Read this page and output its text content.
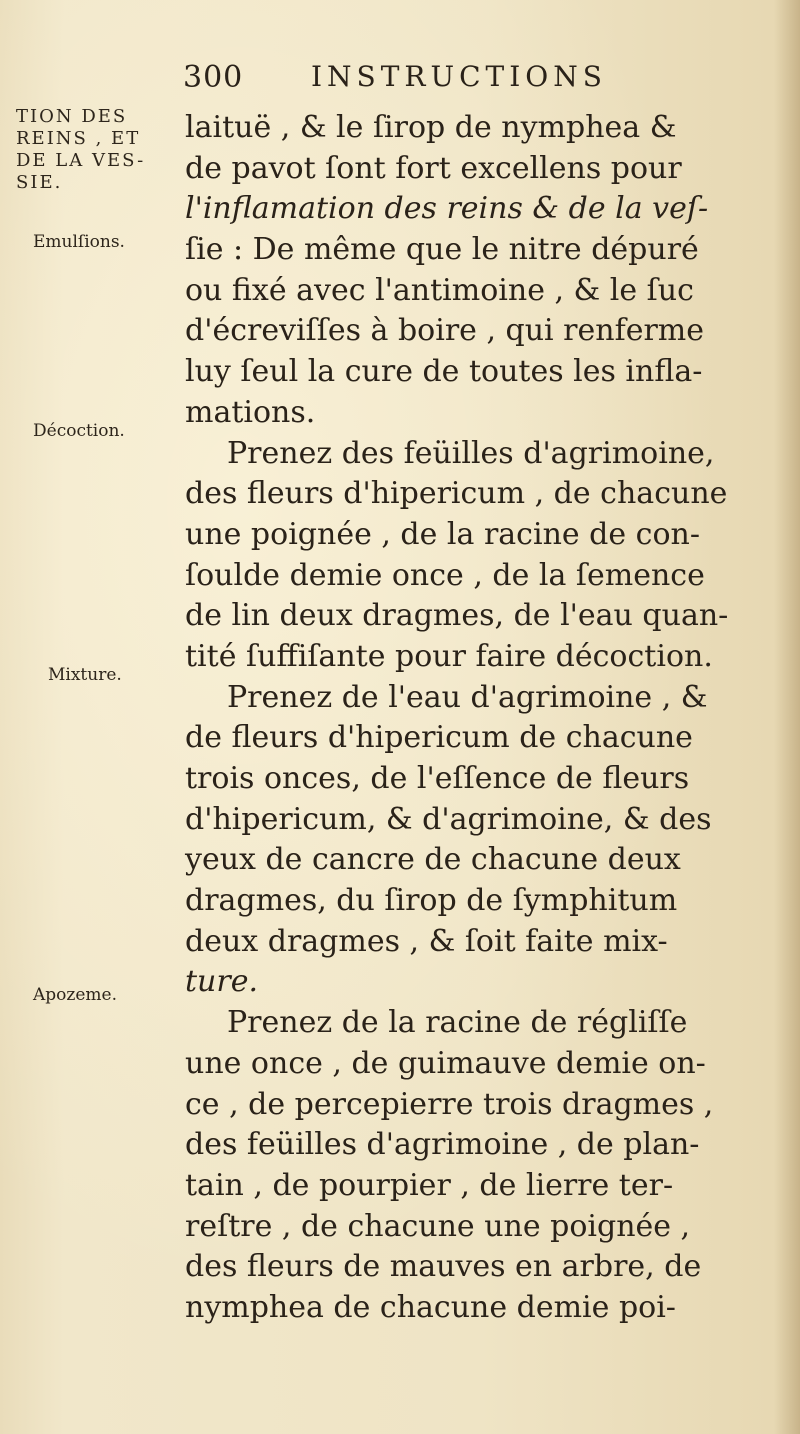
300 INSTRUCTIONS
TION DES
REINS , ET
DE LA VES-
SIE.
Emulſions.
Décoction.
Mixture.
Apozeme.
laituë , & le ſirop de nymphea &
de pavot ſont fort excellens pour
l'inflamation des reins & de la veſ-
ſie : De même que le nitre dépuré
ou fixé avec l'antimoine , & le ſuc
d'écreviſſes à boire , qui renferme
luy ſeul la cure de toutes les infla-
mations.
Prenez des feüilles d'agrimoine,
des fleurs d'hipericum , de chacune
une poignée , de la racine de con-
ſoulde demie once , de la ſemence
de lin deux dragmes, de l'eau quan-
tité ſuffiſante pour faire décoction.
Prenez de l'eau d'agrimoine , &
de fleurs d'hipericum de chacune
trois onces, de l'eſſence de fleurs
d'hipericum, & d'agrimoine, & des
yeux de cancre de chacune deux
dragmes, du ſirop de ſymphitum
deux dragmes , & ſoit faite mix-
ture.
Prenez de la racine de régliſſe
une once , de guimauve demie on-
ce , de percepierre trois dragmes ,
des feüilles d'agrimoine , de plan-
tain , de pourpier , de lierre ter-
reſtre , de chacune une poignée ,
des fleurs de mauves en arbre, de
nymphea de chacune demie poi-
